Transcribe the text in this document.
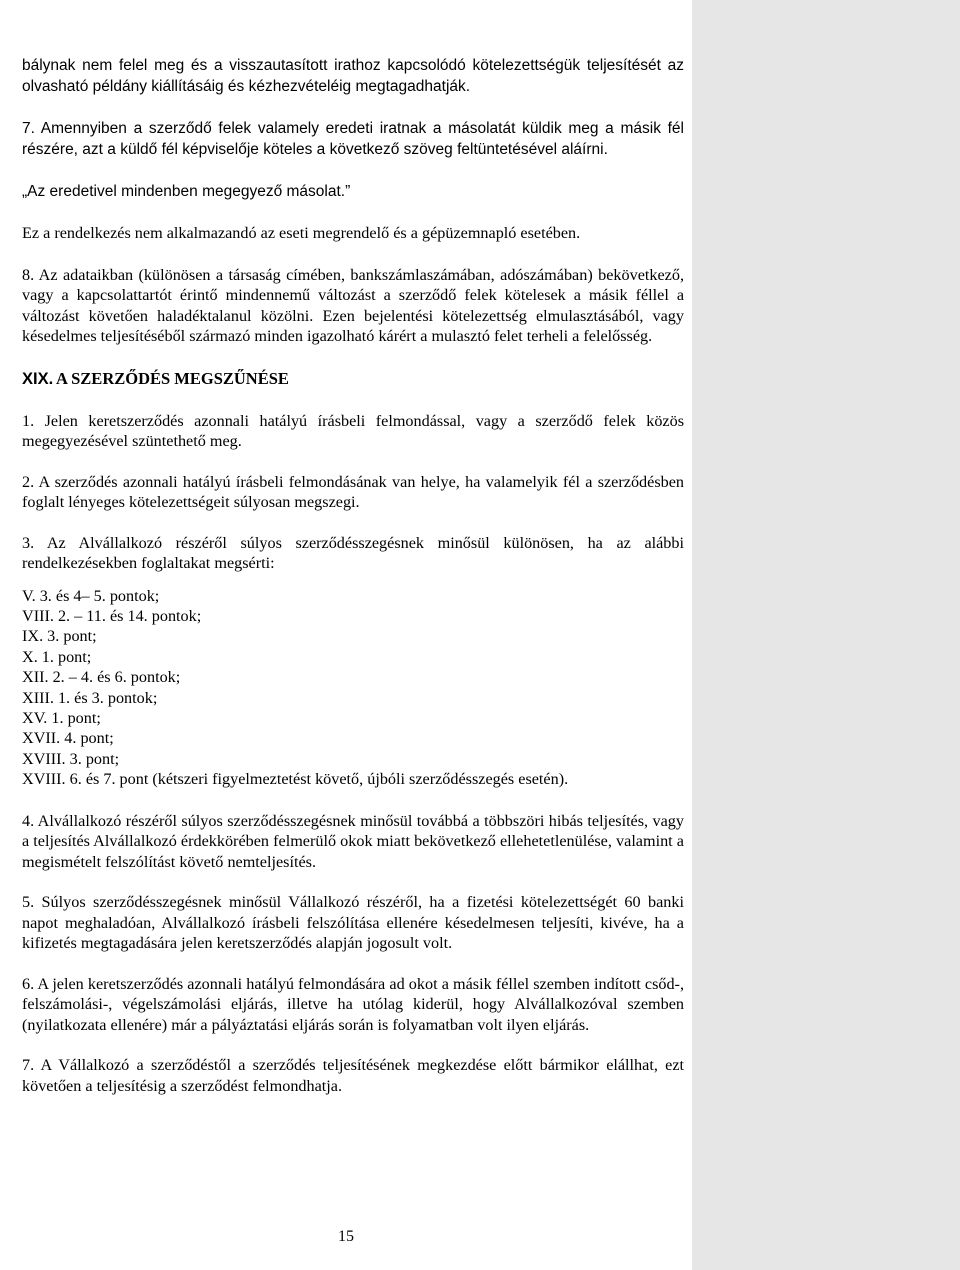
bálynak nem felel meg és a visszautasított irathoz kapcsolódó kötelezettségük teljesítését az olvasható példány kiállításáig és kézhezvételéig megtagadhatják.

7. Amennyiben a szerződő felek valamely eredeti iratnak a másolatát küldik meg a másik fél részére, azt a küldő fél képviselője köteles a következő szöveg feltüntetésével aláírni.

„Az eredetivel mindenben megegyező másolat.”

Ez a rendelkezés nem alkalmazandó az eseti megrendelő és a gépüzemnapló esetében.

8. Az adataikban (különösen a társaság címében, bankszámlaszámában, adószámában) bekövetkező, vagy a kapcsolattartót érintő mindennemű változást a szerződő felek kötelesek a másik féllel a változást követően haladéktalanul közölni. Ezen bejelentési kötelezettség elmulasztásából, vagy késedelmes teljesítéséből származó minden igazolható kárért a mulasztó felet terheli a felelősség.

XIX. A SZERZŐDÉS MEGSZŰNÉSE

1. Jelen keretszerződés azonnali hatályú írásbeli felmondással, vagy a szerződő felek közös megegyezésével szüntethető meg.

2. A szerződés azonnali hatályú írásbeli felmondásának van helye, ha valamelyik fél a szerződésben foglalt lényeges kötelezettségeit súlyosan megszegi.

3. Az Alvállalkozó részéről súlyos szerződésszegésnek minősül különösen, ha az alábbi rendelkezésekben foglaltakat megsérti:

V. 3. és 4– 5. pontok;
VIII. 2. – 11. és 14. pontok;
IX. 3. pont;
X. 1. pont;
XII. 2. – 4. és 6. pontok;
XIII. 1. és 3. pontok;
XV. 1. pont;
XVII. 4. pont;
XVIII. 3. pont;
XVIII. 6. és 7. pont (kétszeri figyelmeztetést követő, újbóli szerződésszegés esetén).

4. Alvállalkozó részéről súlyos szerződésszegésnek minősül továbbá a többszöri hibás teljesítés, vagy a teljesítés Alvállalkozó érdekkörében felmerülő okok miatt bekövetkező ellehetetlenülése, valamint a megismételt felszólítást követő nemteljesítés.

5. Súlyos szerződésszegésnek minősül Vállalkozó részéről, ha a fizetési kötelezettségét 60 banki napot meghaladóan, Alvállalkozó írásbeli felszólítása ellenére késedelmesen teljesíti, kivéve, ha a kifizetés megtagadására jelen keretszerződés alapján jogosult volt.

6. A jelen keretszerződés azonnali hatályú felmondására ad okot a másik féllel szemben indított csőd-, felszámolási-, végelszámolási eljárás, illetve ha utólag kiderül, hogy Alvállalkozóval szemben (nyilatkozata ellenére) már a pályáztatási eljárás során is folyamatban volt ilyen eljárás.

7. A Vállalkozó a szerződéstől a szerződés teljesítésének megkezdése előtt bármikor elállhat, ezt követően a teljesítésig a szerződést felmondhatja.

15
